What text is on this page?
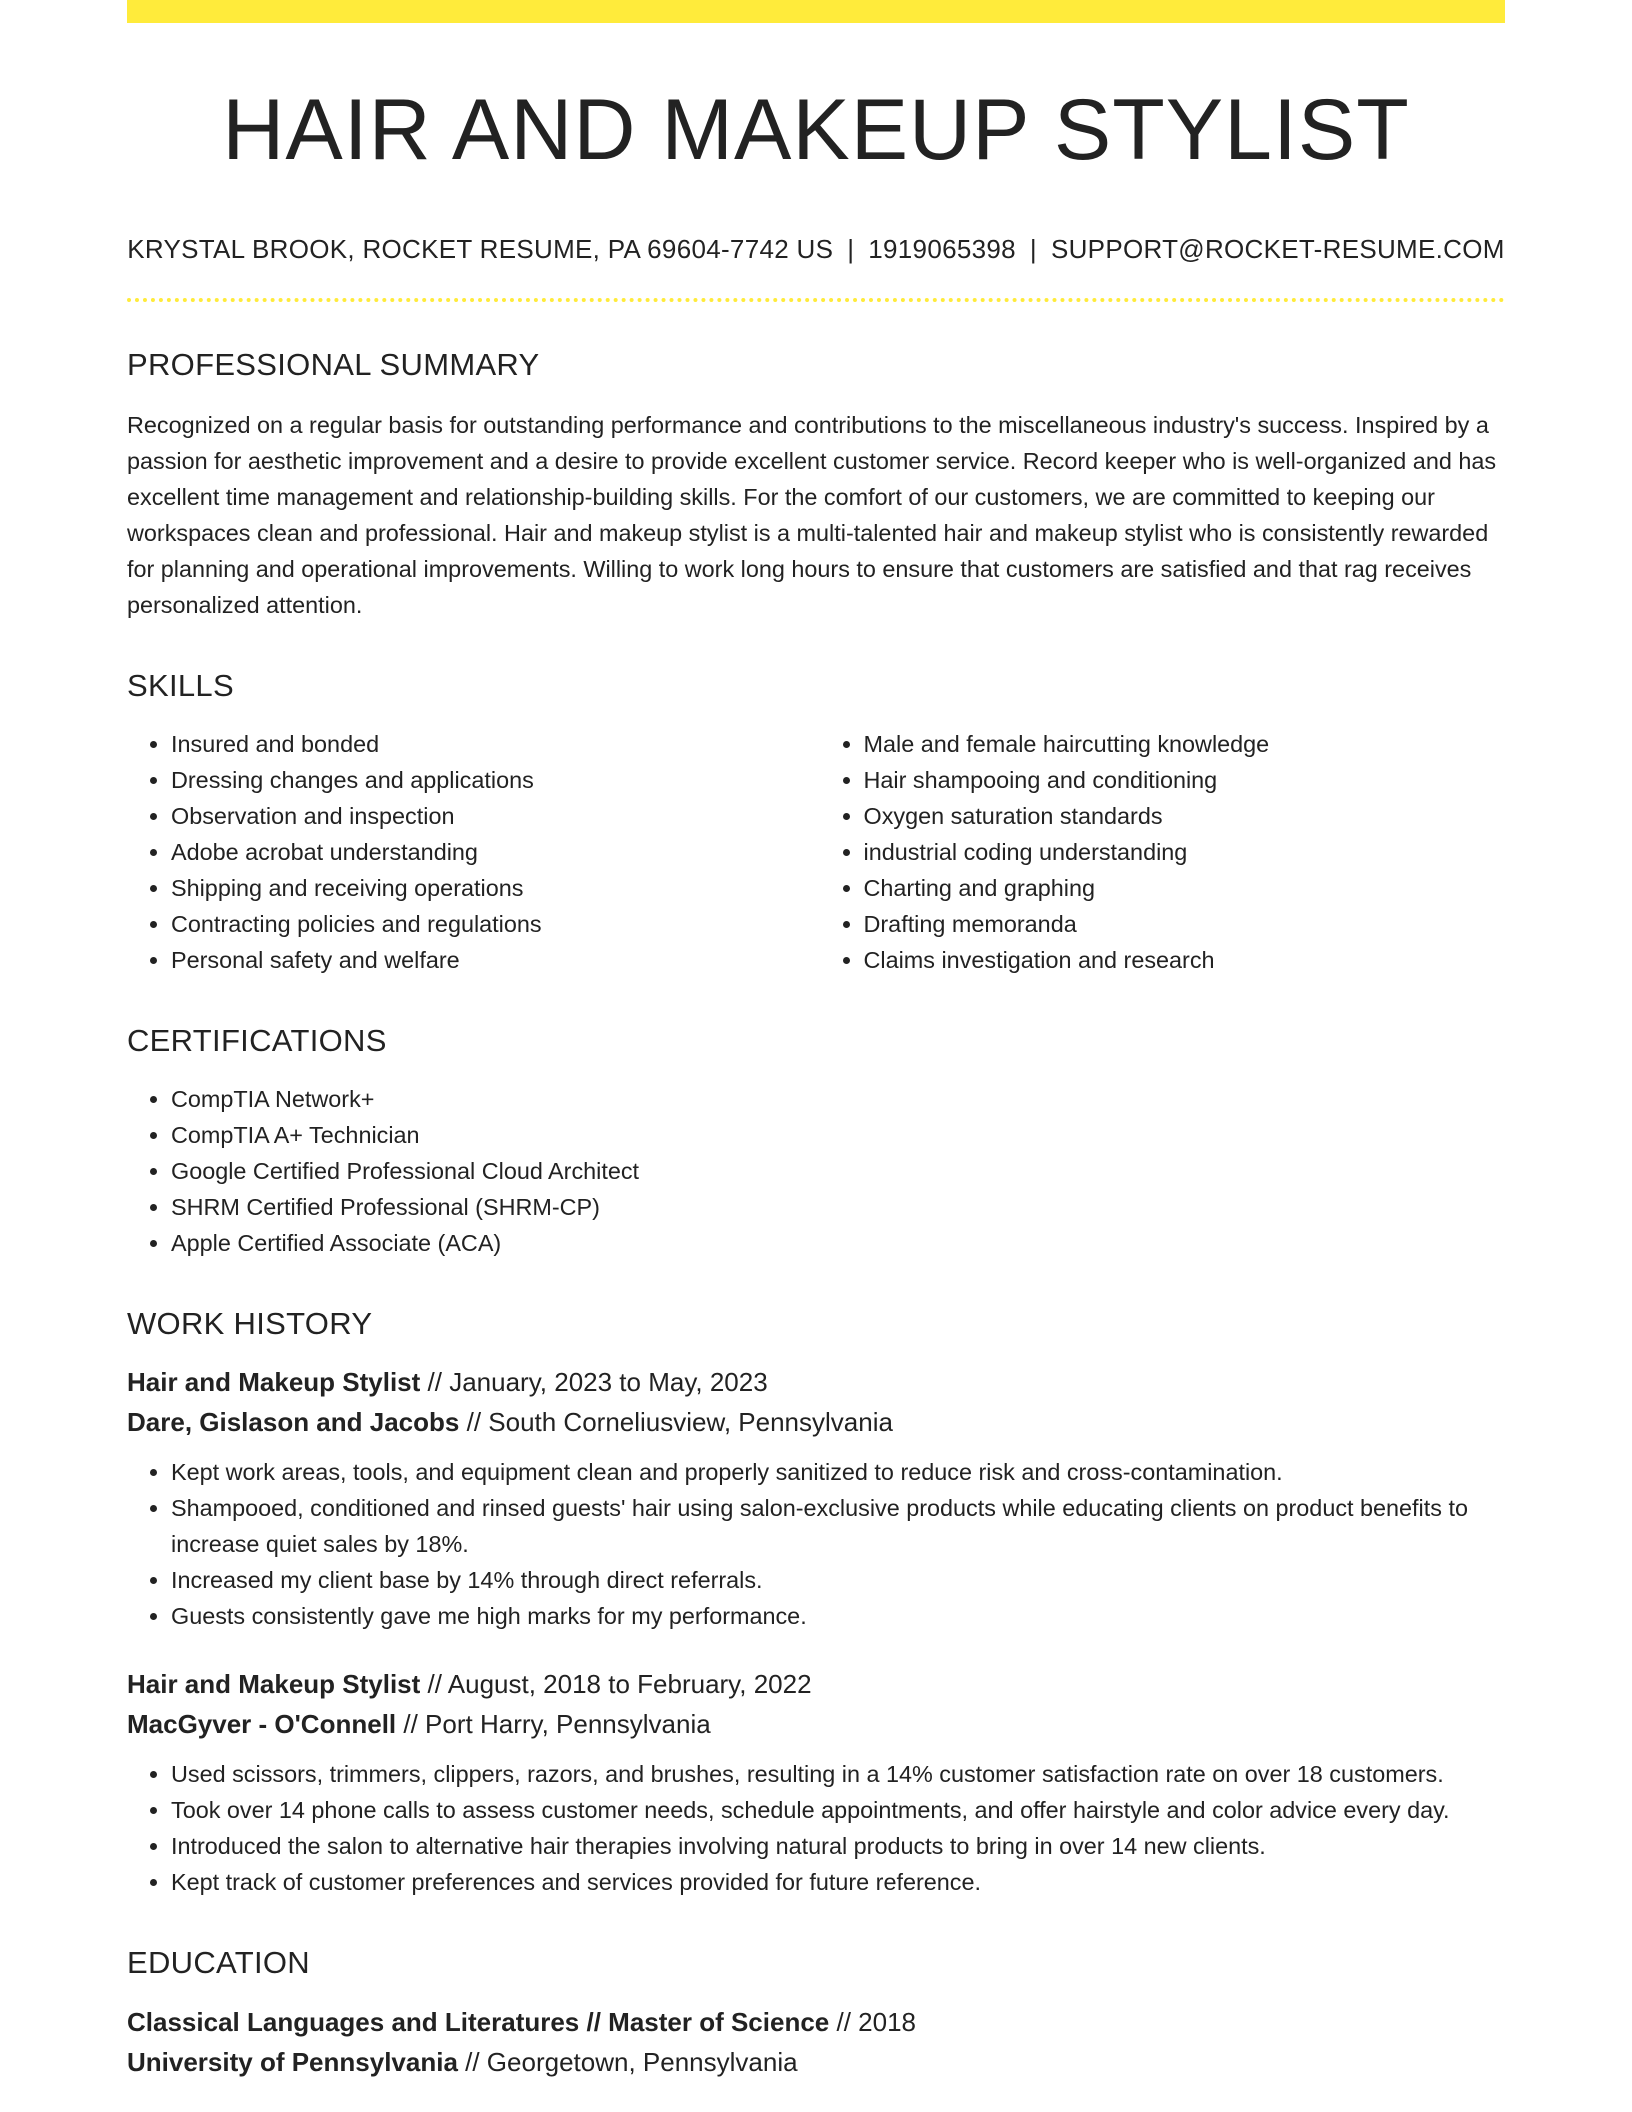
HAIR AND MAKEUP STYLIST
KRYSTAL BROOK, ROCKET RESUME, PA 69604-7742 US | 1919065398 | SUPPORT@ROCKET-RESUME.COM
PROFESSIONAL SUMMARY
Recognized on a regular basis for outstanding performance and contributions to the miscellaneous industry's success. Inspired by a passion for aesthetic improvement and a desire to provide excellent customer service. Record keeper who is well-organized and has excellent time management and relationship-building skills. For the comfort of our customers, we are committed to keeping our workspaces clean and professional. Hair and makeup stylist is a multi-talented hair and makeup stylist who is consistently rewarded for planning and operational improvements. Willing to work long hours to ensure that customers are satisfied and that rag receives personalized attention.
SKILLS
• Insured and bonded
• Dressing changes and applications
• Observation and inspection
• Adobe acrobat understanding
• Shipping and receiving operations
• Contracting policies and regulations
• Personal safety and welfare
• Male and female haircutting knowledge
• Hair shampooing and conditioning
• Oxygen saturation standards
• industrial coding understanding
• Charting and graphing
• Drafting memoranda
• Claims investigation and research
CERTIFICATIONS
• CompTIA Network+
• CompTIA A+ Technician
• Google Certified Professional Cloud Architect
• SHRM Certified Professional (SHRM-CP)
• Apple Certified Associate (ACA)
WORK HISTORY
Hair and Makeup Stylist // January, 2023 to May, 2023
Dare, Gislason and Jacobs // South Corneliusview, Pennsylvania
• Kept work areas, tools, and equipment clean and properly sanitized to reduce risk and cross-contamination.
• Shampooed, conditioned and rinsed guests' hair using salon-exclusive products while educating clients on product benefits to increase quiet sales by 18%.
• Increased my client base by 14% through direct referrals.
• Guests consistently gave me high marks for my performance.
Hair and Makeup Stylist // August, 2018 to February, 2022
MacGyver - O'Connell // Port Harry, Pennsylvania
• Used scissors, trimmers, clippers, razors, and brushes, resulting in a 14% customer satisfaction rate on over 18 customers.
• Took over 14 phone calls to assess customer needs, schedule appointments, and offer hairstyle and color advice every day.
• Introduced the salon to alternative hair therapies involving natural products to bring in over 14 new clients.
• Kept track of customer preferences and services provided for future reference.
EDUCATION
Classical Languages and Literatures // Master of Science // 2018
University of Pennsylvania // Georgetown, Pennsylvania
